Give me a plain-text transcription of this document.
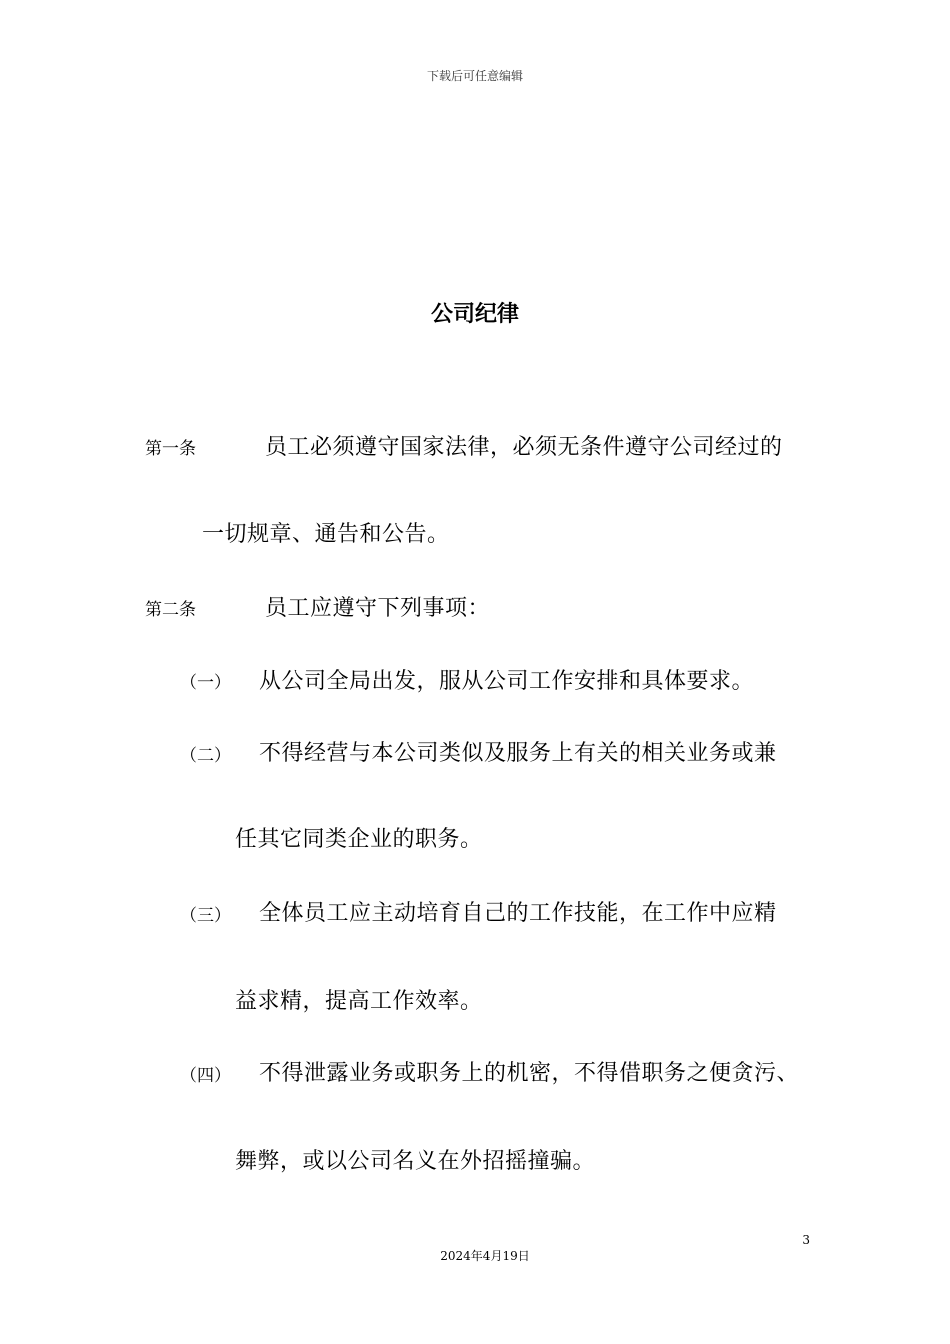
下载后可任意编辑
公司纪律
第一条	员工必须遵守国家法律，必须无条件遵守公司经过的
一切规章、通告和公告。
第二条	员工应遵守下列事项：
（一） 从公司全局出发，服从公司工作安排和具体要求。
（二） 不得经营与本公司类似及服务上有关的相关业务或兼
任其它同类企业的职务。
（三） 全体员工应主动培育自己的工作技能，在工作中应精
益求精，提高工作效率。
（四） 不得泄露业务或职务上的机密，不得借职务之便贪污、
舞弊，或以公司名义在外招摇撞骗。
3
2024年4月19日
